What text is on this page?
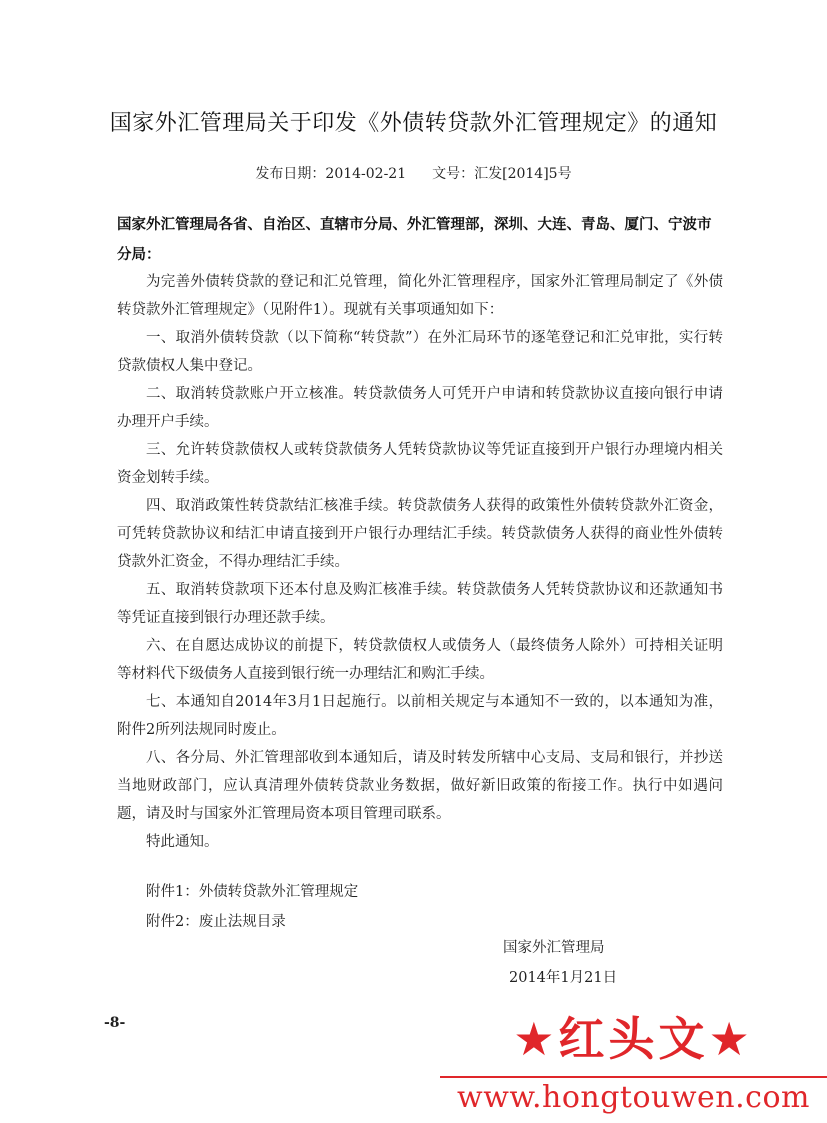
国家外汇管理局关于印发《外债转贷款外汇管理规定》的通知
发布日期：2014-02-21 文号：汇发[2014]5号
国家外汇管理局各省、自治区、直辖市分局、外汇管理部，深圳、大连、青岛、厦门、宁波市分局：

为完善外债转贷款的登记和汇兑管理，简化外汇管理程序，国家外汇管理局制定了《外债转贷款外汇管理规定》（见附件1）。现就有关事项通知如下：

一、取消外债转贷款（以下简称“转贷款”）在外汇局环节的逐笔登记和汇兑审批，实行转贷款债权人集中登记。

二、取消转贷款账户开立核准。转贷款债务人可凭开户申请和转贷款协议直接向银行申请办理开户手续。

三、允许转贷款债权人或转贷款债务人凭转贷款协议等凭证直接到开户银行办理境内相关资金划转手续。

四、取消政策性转贷款结汇核准手续。转贷款债务人获得的政策性外债转贷款外汇资金，可凭转贷款协议和结汇申请直接到开户银行办理结汇手续。转贷款债务人获得的商业性外债转贷款外汇资金，不得办理结汇手续。

五、取消转贷款项下还本付息及购汇核准手续。转贷款债务人凭转贷款协议和还款通知书等凭证直接到银行办理还款手续。

六、在自愿达成协议的前提下，转贷款债权人或债务人（最终债务人除外）可持相关证明等材料代下级债务人直接到银行统一办理结汇和购汇手续。

七、本通知自2014年3月1日起施行。以前相关规定与本通知不一致的，以本通知为准，附件2所列法规同时废止。

八、各分局、外汇管理部收到本通知后，请及时转发所辖中心支局、支局和银行，并抄送当地财政部门，应认真清理外债转贷款业务数据，做好新旧政策的衔接工作。执行中如遇问题，请及时与国家外汇管理局资本项目管理司联系。

特此通知。

附件1：外债转贷款外汇管理规定
附件2：废止法规目录
国家外汇管理局
2014年1月21日
-8-	★红头文★
www.hongtouwen.com
